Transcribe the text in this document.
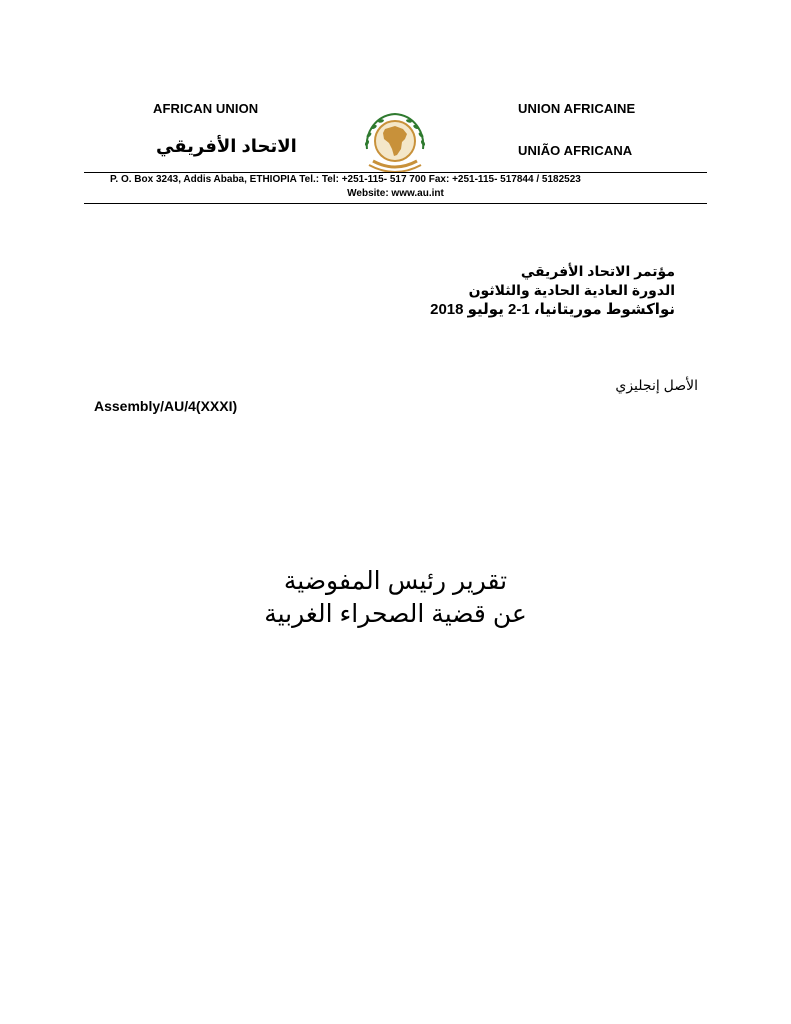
AFRICAN UNION
الاتحاد الأفريقي
UNION AFRICAINE
UNIÃO AFRICANA
P. O. Box 3243, Addis Ababa, ETHIOPIA Tel.: Tel: +251-115- 517 700 Fax: +251-115- 517844 / 5182523
Website: www.au.int
مؤتمر الاتحاد الأفريقي
الدورة العادية الحادية والثلاثون
نواكشوط موريتانيا، 1-2 يوليو 2018
الأصل إنجليزي
Assembly/AU/4(XXXI)
تقرير رئيس المفوضية
عن قضية الصحراء الغربية
